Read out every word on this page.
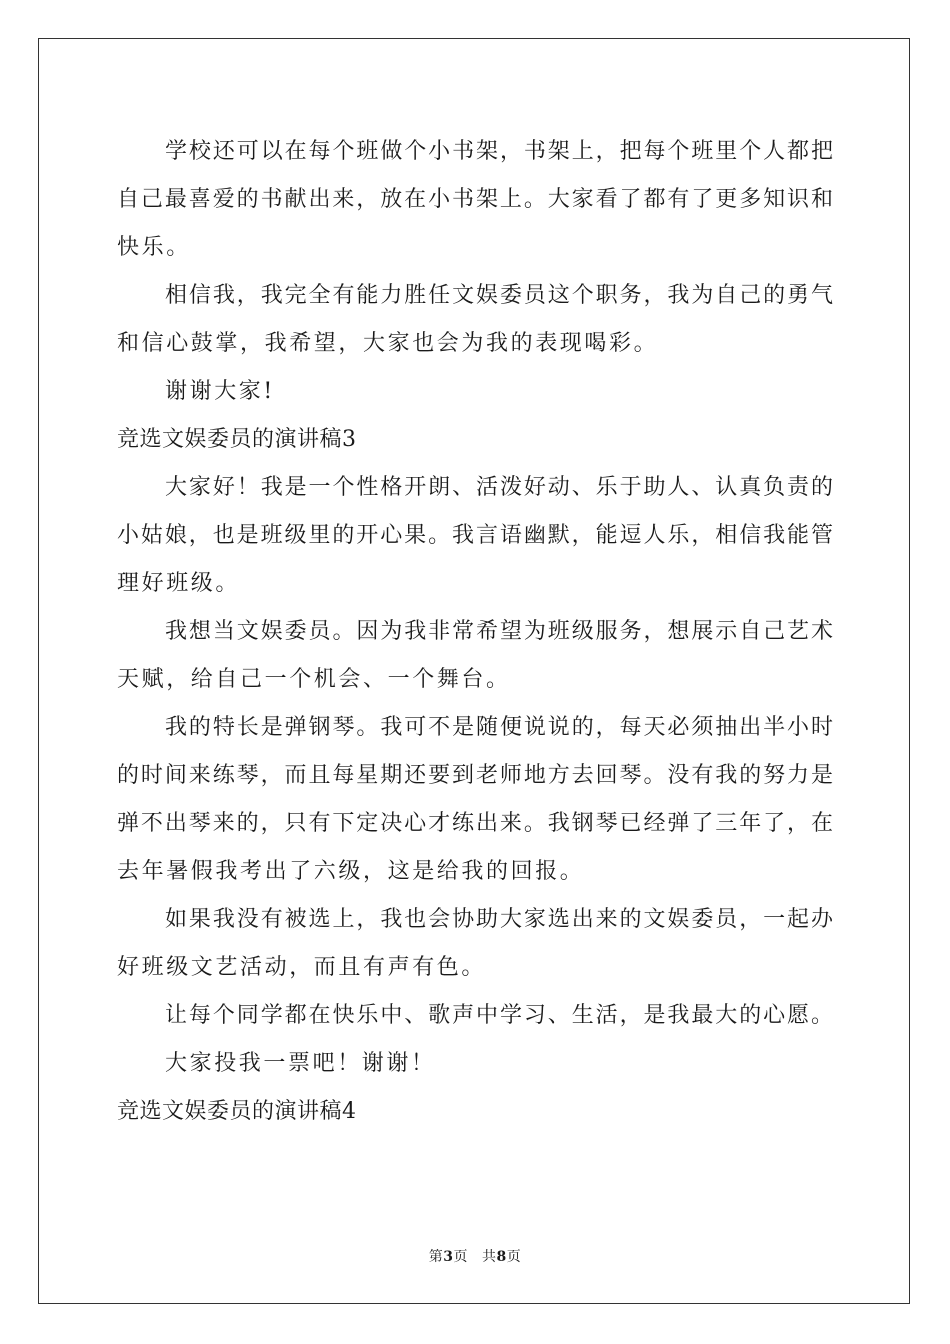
学校还可以在每个班做个小书架，书架上，把每个班里个人都把
自己最喜爱的书献出来，放在小书架上。大家看了都有了更多知识和
快乐。
相信我，我完全有能力胜任文娱委员这个职务，我为自己的勇气
和信心鼓掌，我希望，大家也会为我的表现喝彩。
谢谢大家!
竞选文娱委员的演讲稿3
大家好！我是一个性格开朗、活泼好动、乐于助人、认真负责的
小姑娘，也是班级里的开心果。我言语幽默，能逗人乐，相信我能管
理好班级。
我想当文娱委员。因为我非常希望为班级服务，想展示自己艺术
天赋，给自己一个机会、一个舞台。
我的特长是弹钢琴。我可不是随便说说的，每天必须抽出半小时
的时间来练琴，而且每星期还要到老师地方去回琴。没有我的努力是
弹不出琴来的，只有下定决心才练出来。我钢琴已经弹了三年了，在
去年暑假我考出了六级，这是给我的回报。
如果我没有被选上，我也会协助大家选出来的文娱委员，一起办
好班级文艺活动，而且有声有色。
让每个同学都在快乐中、歌声中学习、生活，是我最大的心愿。
大家投我一票吧！谢谢！
竞选文娱委员的演讲稿4
第3页 共8页
